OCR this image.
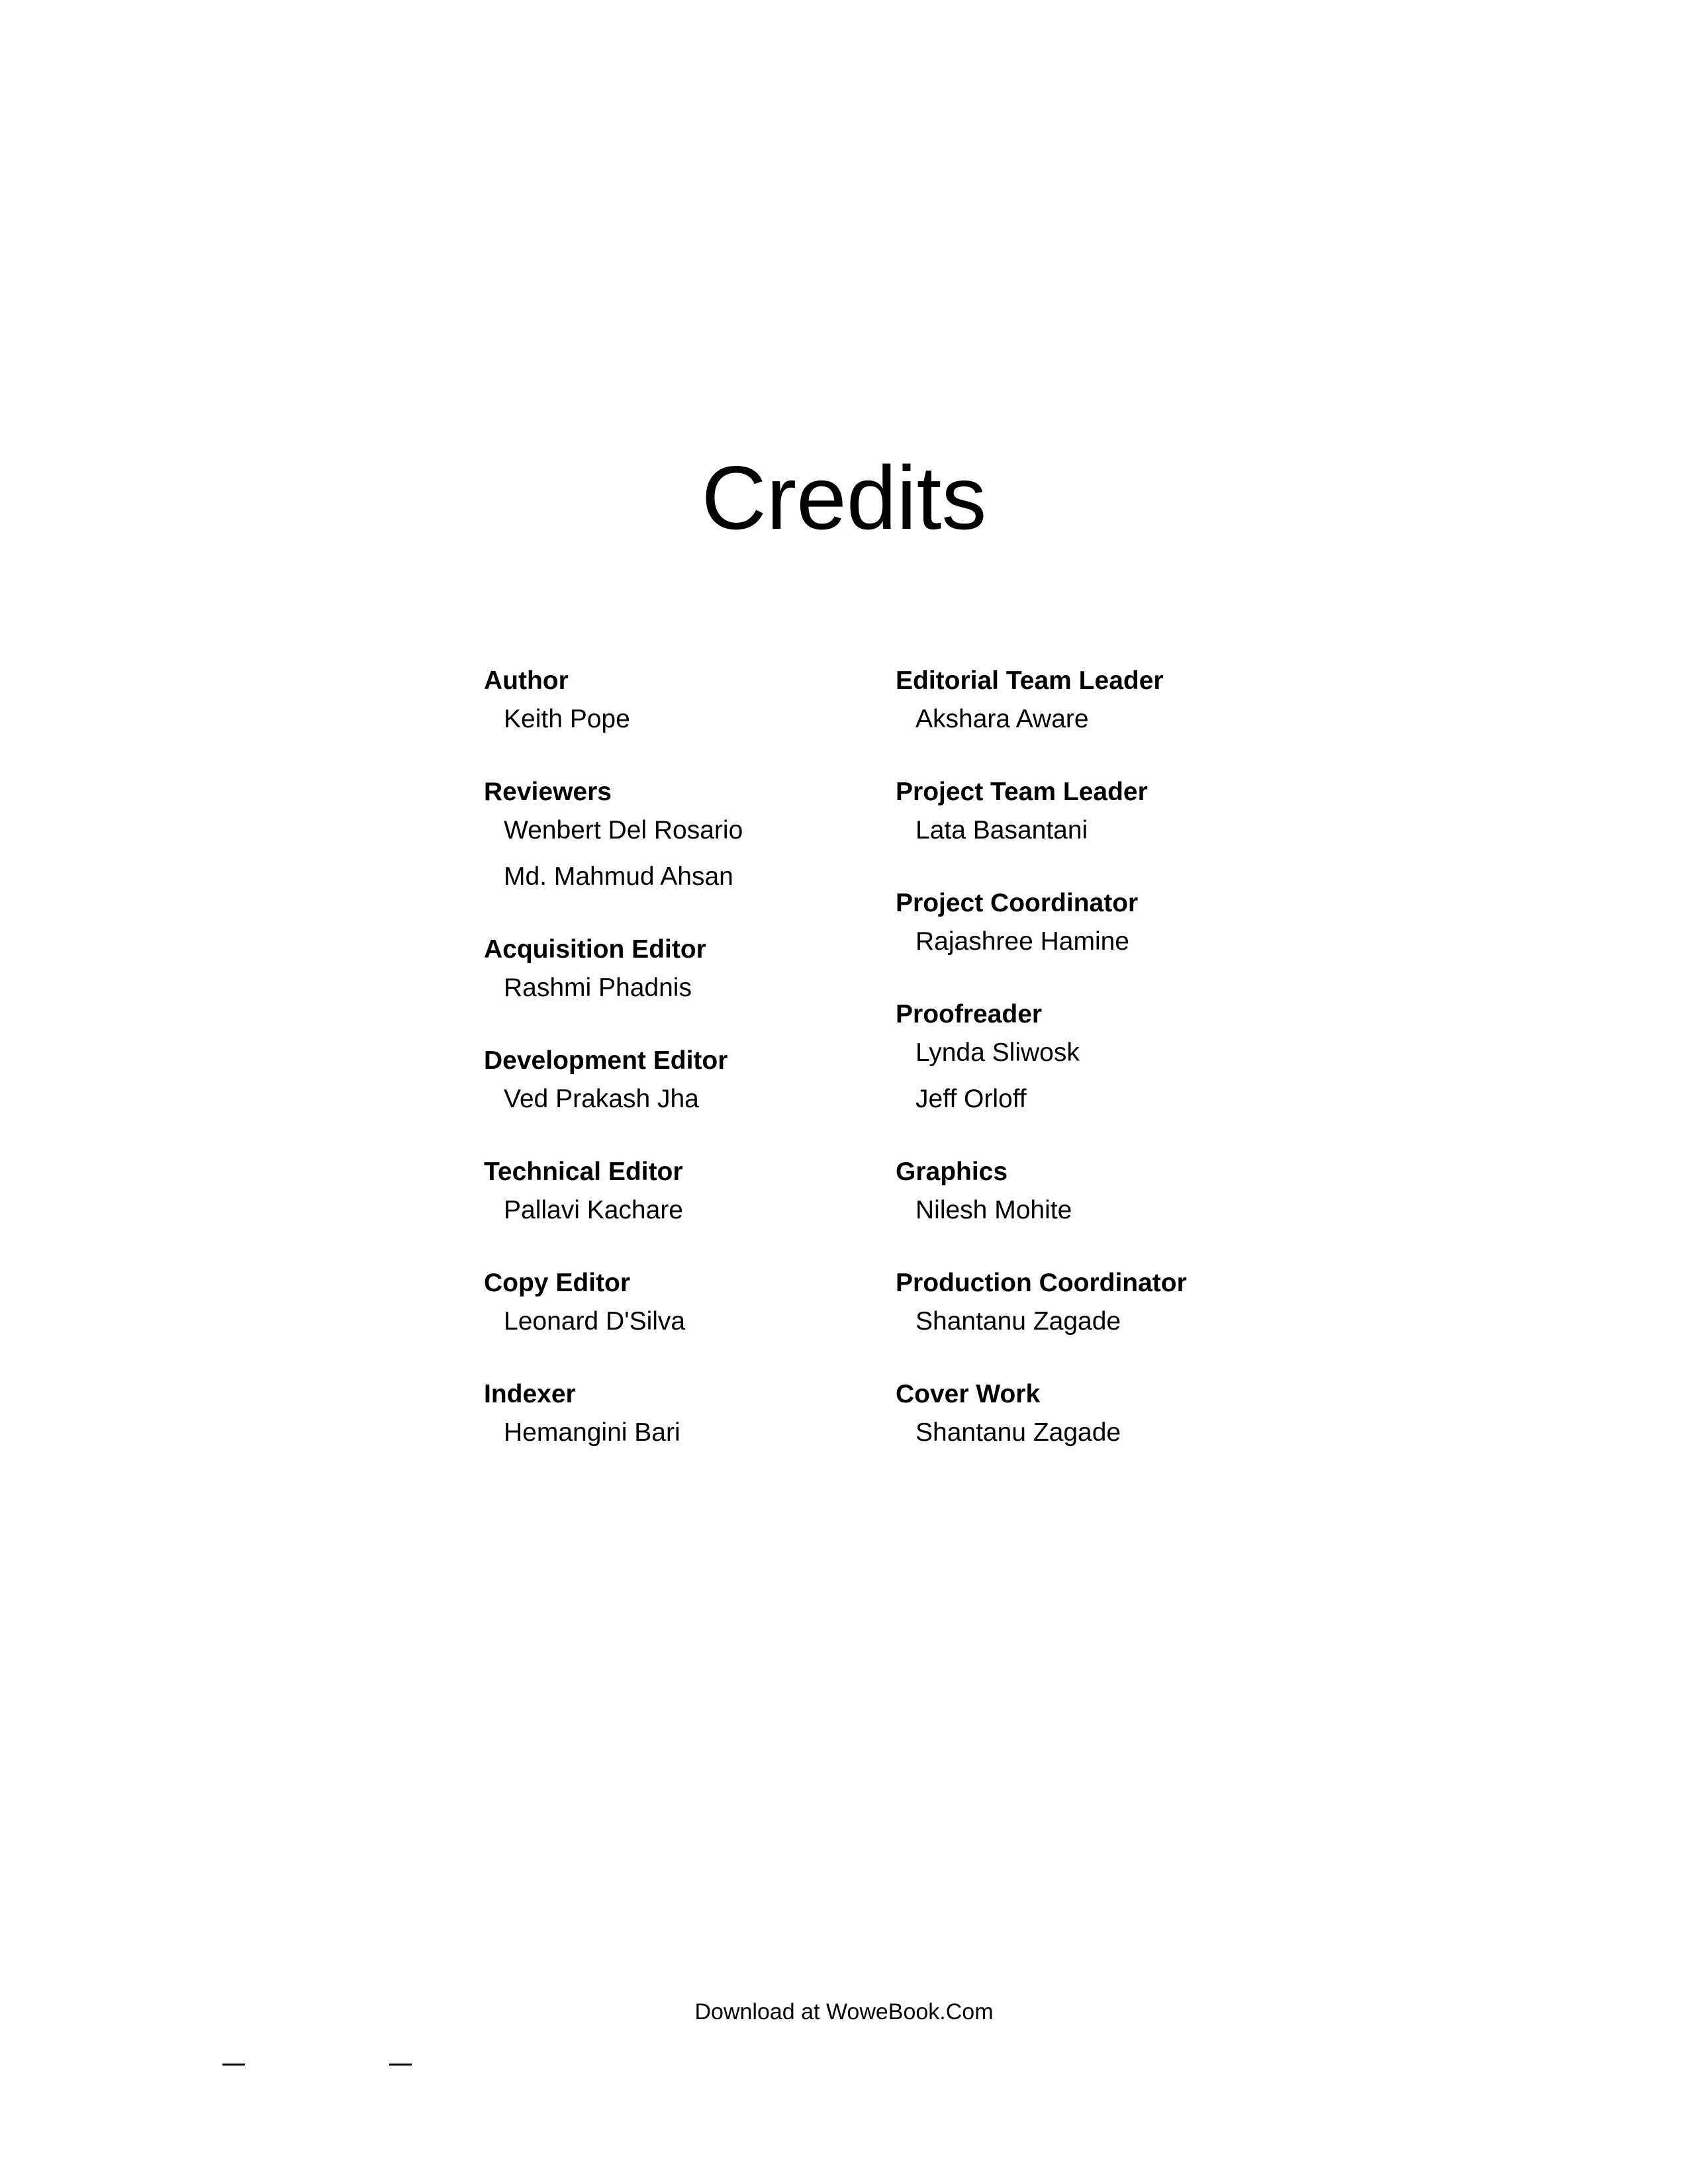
Credits
Author
Keith Pope
Reviewers
Wenbert Del Rosario
Md. Mahmud Ahsan
Acquisition Editor
Rashmi Phadnis
Development Editor
Ved Prakash Jha
Technical Editor
Pallavi Kachare
Copy Editor
Leonard D'Silva
Indexer
Hemangini Bari
Editorial Team Leader
Akshara Aware
Project Team Leader
Lata Basantani
Project Coordinator
Rajashree Hamine
Proofreader
Lynda Sliwosk
Jeff Orloff
Graphics
Nilesh Mohite
Production Coordinator
Shantanu Zagade
Cover Work
Shantanu Zagade
Download at WoweBook.Com
